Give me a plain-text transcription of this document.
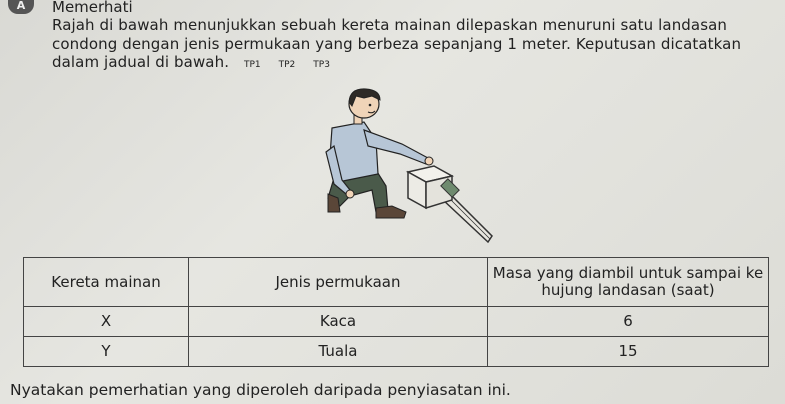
A	Memerhati
Rajah di bawah menunjukkan sebuah kereta mainan dilepaskan menuruni satu landasan condong dengan jenis permukaan yang berbeza sepanjang 1 meter. Keputusan dicatatkan dalam jadual di bawah. TP1 TP2 TP3
Kereta mainan	Jenis permukaan	Masa yang diambil untuk sampai ke hujung landasan (saat)
X	Kaca	6
Y	Tuala	15
Nyatakan pemerhatian yang diperoleh daripada penyiasatan ini.
